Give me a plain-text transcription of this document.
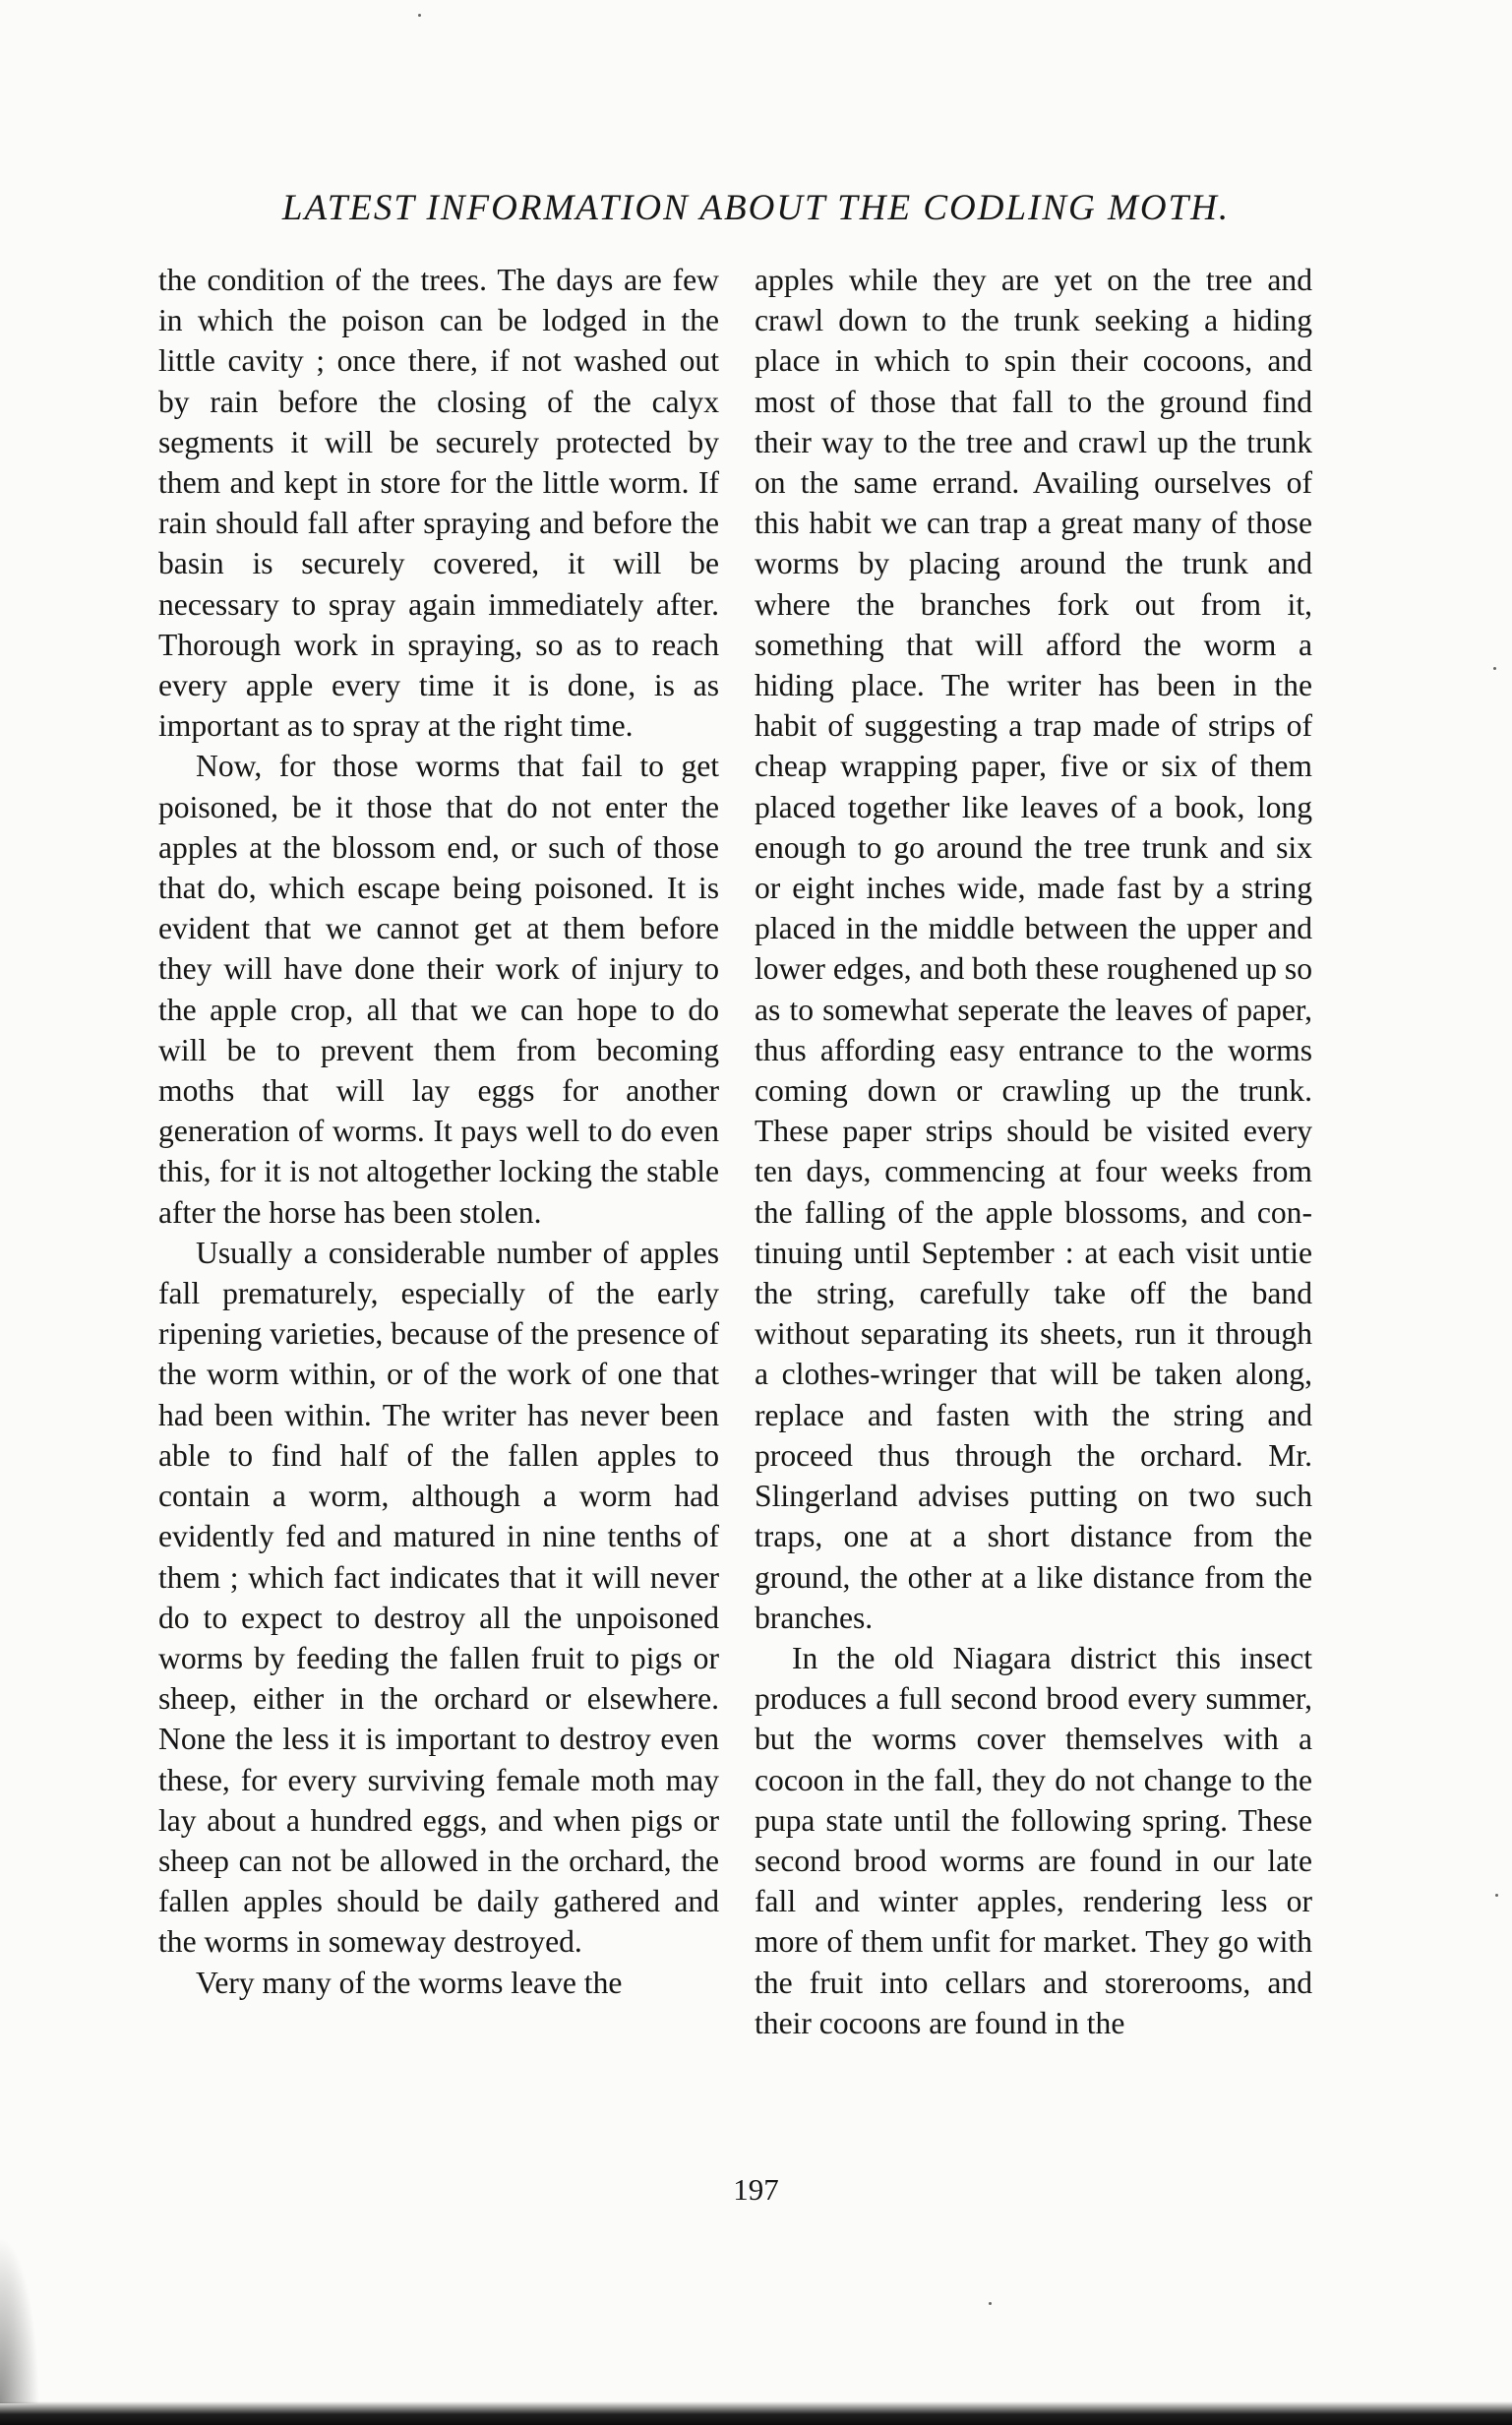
LATEST INFORMATION ABOUT THE CODLING MOTH.

the condition of the trees. The days are few in which the poison can be lodged in the little cavity ; once there, if not washed out by rain before the closing of the calyx segments it will be securely protected by them and kept in store for the little worm. If rain should fall after spraying and before the basin is securely covered, it will be necessary to spray again immediately after. Thorough work in spraying, so as to reach every apple every time it is done, is as important as to spray at the right time.

Now, for those worms that fail to get poisoned, be it those that do not enter the apples at the blossom end, or such of those that do, which escape being poisoned. It is evident that we cannot get at them before they will have done their work of injury to the apple crop, all that we can hope to do will be to prevent them from becoming moths that will lay eggs for another generation of worms. It pays well to do even this, for it is not altogether locking the stable after the horse has been stolen.

Usually a considerable number of apples fall prematurely, especially of the early ripening varieties, because of the presence of the worm within, or of the work of one that had been within. The writer has never been able to find half of the fallen apples to contain a worm, although a worm had evidently fed and matured in nine tenths of them ; which fact indicates that it will never do to expect to destroy all the unpoisoned worms by feeding the fallen fruit to pigs or sheep, either in the orchard or elsewhere. None the less it is important to destroy even these, for every surviving female moth may lay about a hundred eggs, and when pigs or sheep can not be allowed in the orchard, the fallen apples should be daily gathered and the worms in someway destroyed.

Very many of the worms leave the

apples while they are yet on the tree and crawl down to the trunk seeking a hiding place in which to spin their cocoons, and most of those that fall to the ground find their way to the tree and crawl up the trunk on the same errand. Availing ourselves of this habit we can trap a great many of those worms by placing around the trunk and where the branches fork out from it, something that will afford the worm a hiding place. The writer has been in the habit of suggesting a trap made of strips of cheap wrapping paper, five or six of them placed together like leaves of a book, long enough to go around the tree trunk and six or eight inches wide, made fast by a string placed in the middle between the upper and lower edges, and both these roughened up so as to somewhat seperate the leaves of paper, thus affording easy entrance to the worms coming down or crawling up the trunk. These paper strips should be visited every ten days, commencing at four weeks from the falling of the apple blossoms, and continuing until September : at each visit untie the string, carefully take off the band without separating its sheets, run it through a clothes-wringer that will be taken along, replace and fasten with the string and proceed thus through the orchard. Mr. Slingerland advises putting on two such traps, one at a short distance from the ground, the other at a like distance from the branches.

In the old Niagara district this insect produces a full second brood every summer, but the worms cover themselves with a cocoon in the fall, they do not change to the pupa state until the following spring. These second brood worms are found in our late fall and winter apples, rendering less or more of them unfit for market. They go with the fruit into cellars and storerooms, and their cocoons are found in the

197
